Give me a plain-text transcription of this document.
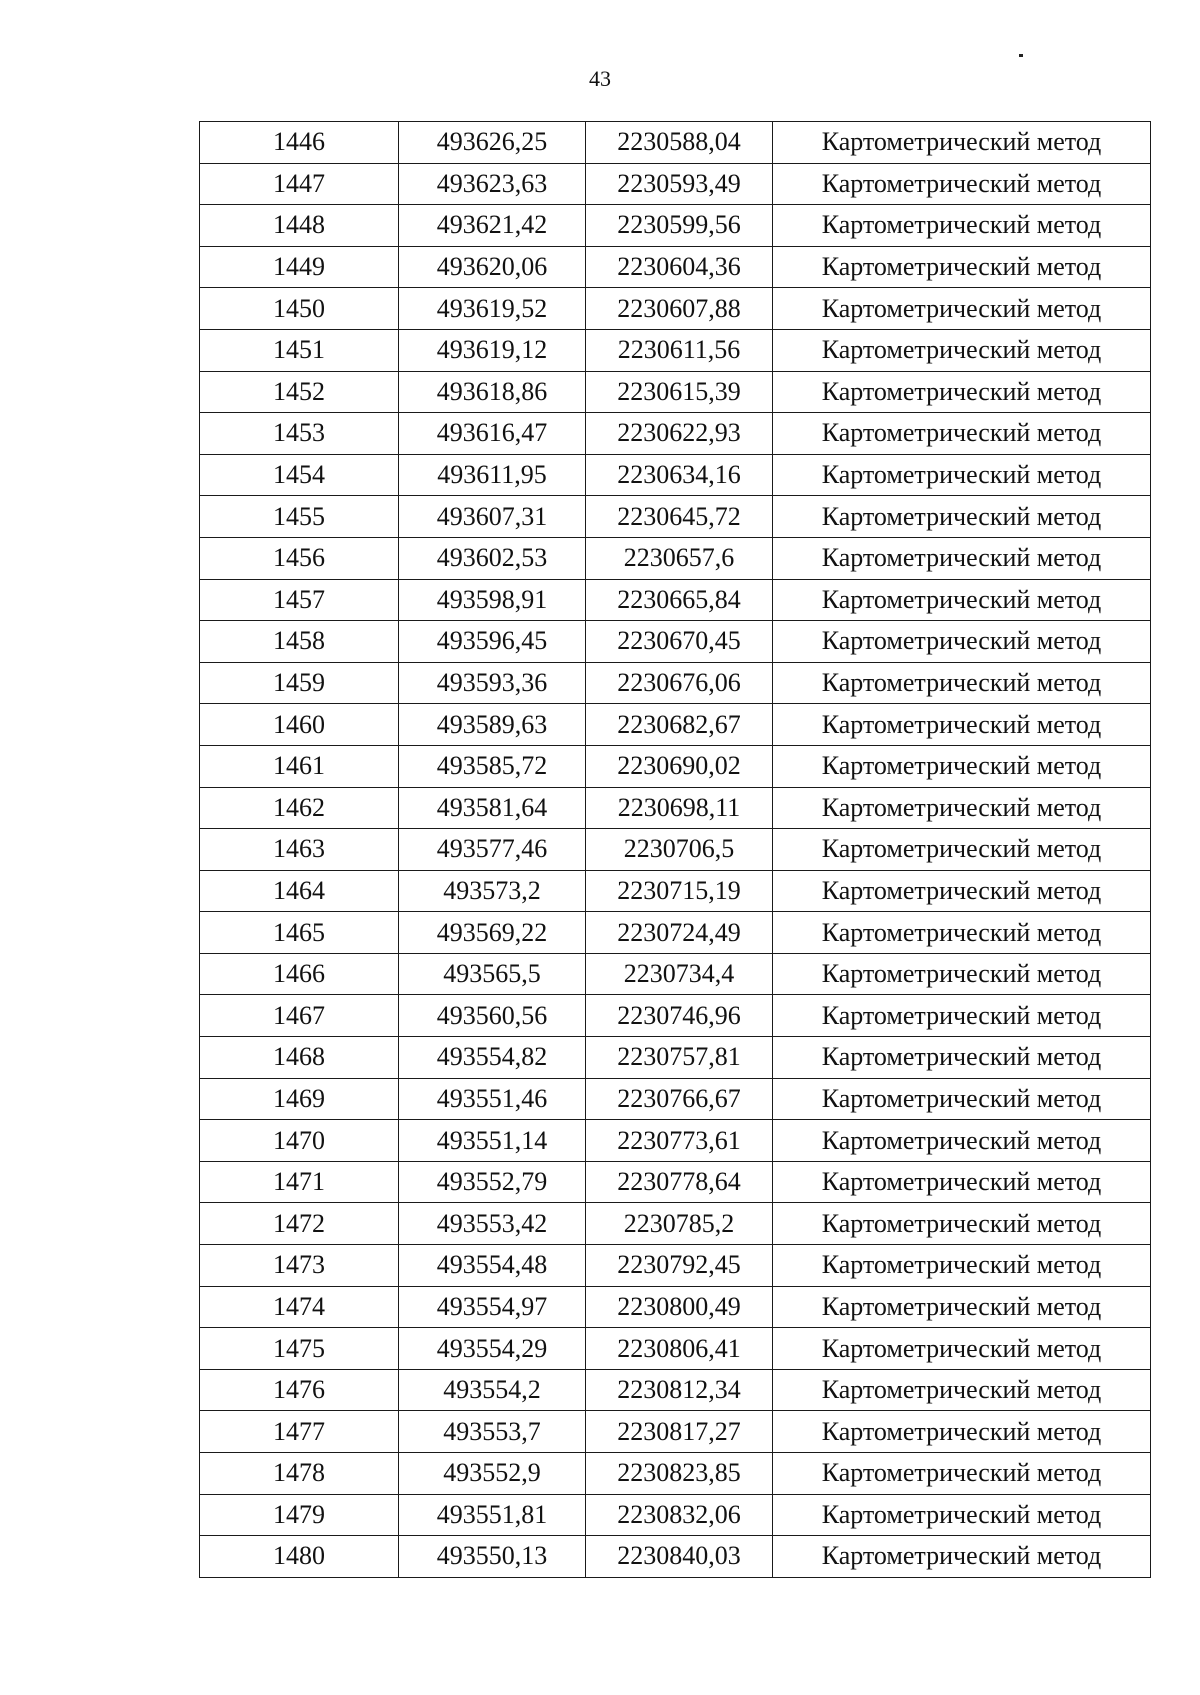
43
1446	493626,25	2230588,04	Картометрический метод
1447	493623,63	2230593,49	Картометрический метод
1448	493621,42	2230599,56	Картометрический метод
1449	493620,06	2230604,36	Картометрический метод
1450	493619,52	2230607,88	Картометрический метод
1451	493619,12	2230611,56	Картометрический метод
1452	493618,86	2230615,39	Картометрический метод
1453	493616,47	2230622,93	Картометрический метод
1454	493611,95	2230634,16	Картометрический метод
1455	493607,31	2230645,72	Картометрический метод
1456	493602,53	2230657,6	Картометрический метод
1457	493598,91	2230665,84	Картометрический метод
1458	493596,45	2230670,45	Картометрический метод
1459	493593,36	2230676,06	Картометрический метод
1460	493589,63	2230682,67	Картометрический метод
1461	493585,72	2230690,02	Картометрический метод
1462	493581,64	2230698,11	Картометрический метод
1463	493577,46	2230706,5	Картометрический метод
1464	493573,2	2230715,19	Картометрический метод
1465	493569,22	2230724,49	Картометрический метод
1466	493565,5	2230734,4	Картометрический метод
1467	493560,56	2230746,96	Картометрический метод
1468	493554,82	2230757,81	Картометрический метод
1469	493551,46	2230766,67	Картометрический метод
1470	493551,14	2230773,61	Картометрический метод
1471	493552,79	2230778,64	Картометрический метод
1472	493553,42	2230785,2	Картометрический метод
1473	493554,48	2230792,45	Картометрический метод
1474	493554,97	2230800,49	Картометрический метод
1475	493554,29	2230806,41	Картометрический метод
1476	493554,2	2230812,34	Картометрический метод
1477	493553,7	2230817,27	Картометрический метод
1478	493552,9	2230823,85	Картометрический метод
1479	493551,81	2230832,06	Картометрический метод
1480	493550,13	2230840,03	Картометрический метод
